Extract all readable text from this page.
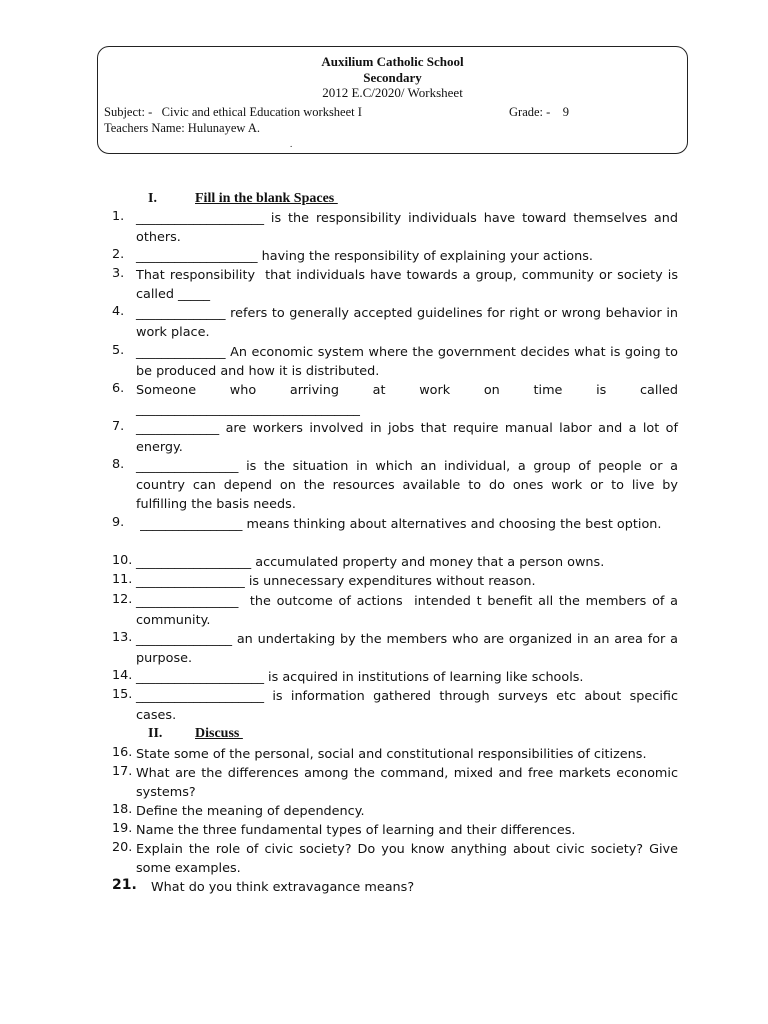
Auxilium Catholic School
Secondary
2012 E.C/2020/ Worksheet
Subject: -   Civic and ethical Education worksheet I	Grade: -    9
Teachers Name: Hulunayew A.
.
I.	Fill in the blank Spaces
II. Discuss
1. ____________________ is the responsibility individuals have toward themselves and others.
2. ___________________ having the responsibility of explaining your actions.
3. That responsibility  that individuals have towards a group, community or society is called _____
4. ______________ refers to generally accepted guidelines for right or wrong behavior in work place.
5. ______________ An economic system where the government decides what is going to be produced and how it is distributed.
6. Someone who arriving at work on time is called
___________________________________
7. _____________ are workers involved in jobs that require manual labor and a lot of energy.
8. ________________ is the situation in which an individual, a group of people or a country can depend on the resources available to do ones work or to live by fulfilling the basis needs.
9. ________________ means thinking about alternatives and choosing the best option.
10. __________________ accumulated property and money that a person owns.
11. _________________ is unnecessary expenditures without reason.
12. ________________  the outcome of actions  intended t benefit all the members of a community.
13. _______________ an undertaking by the members who are organized in an area for a purpose.
14. ____________________ is acquired in institutions of learning like schools.
15. ____________________ is information gathered through surveys etc about specific cases.
16. State some of the personal, social and constitutional responsibilities of citizens.
17. What are the differences among the command, mixed and free markets economic systems?
18. Define the meaning of dependency.
19. Name the three fundamental types of learning and their differences.
20. Explain the role of civic society? Do you know anything about civic society? Give some examples.
21. What do you think extravagance means?
